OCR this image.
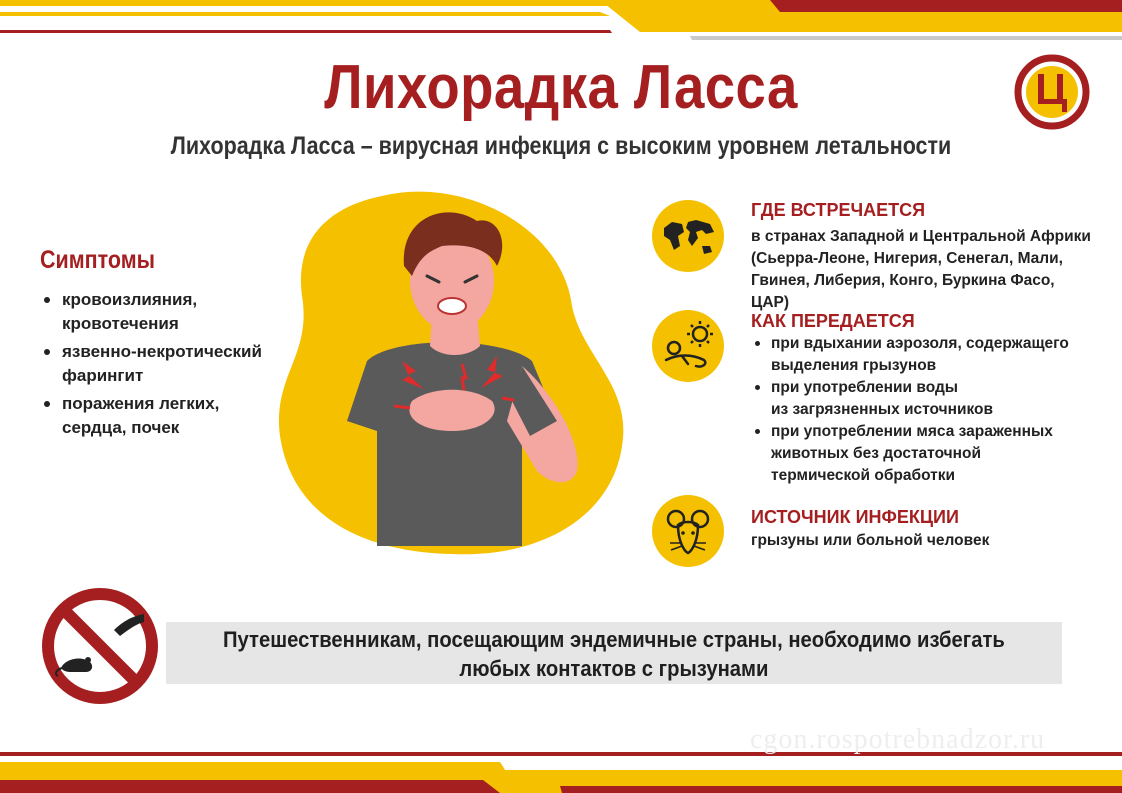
Лихорадка Ласса
Лихорадка Ласса – вирусная инфекция с высоким уровнем летальности
Симптомы
кровоизлияния,
кровотечения
язвенно-некротический
фарингит
поражения легких,
сердца, почек
ГДЕ ВСТРЕЧАЕТСЯ
в странах Западной и Центральной Африки
(Сьерра-Леоне, Нигерия, Сенегал, Мали,
Гвинея, Либерия, Конго, Буркина Фасо, ЦАР)
КАК ПЕРЕДАЕТСЯ
при вдыхании аэрозоля, содержащего
выделения грызунов
при употреблении воды
из загрязненных источников
при употреблении мяса зараженных
животных без достаточной
термической обработки
ИСТОЧНИК ИНФЕКЦИИ
грызуны или больной человек
Путешественникам, посещающим эндемичные страны, необходимо избегать
любых контактов с грызунами
cgon.rospotrebnadzor.ru
